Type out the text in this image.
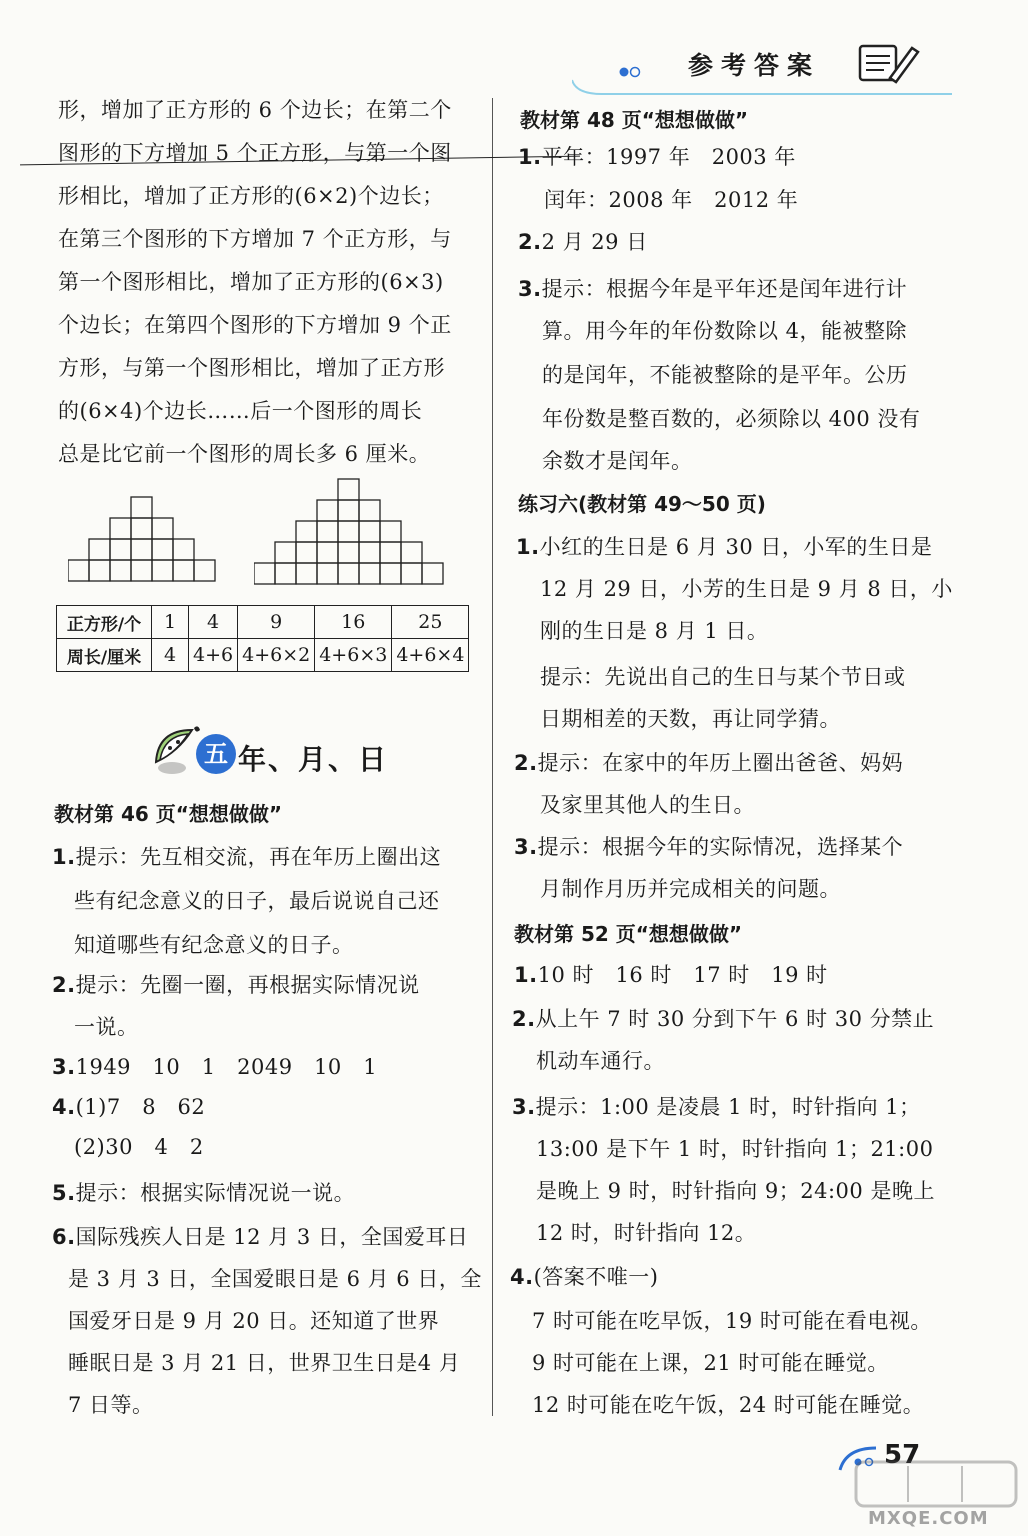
参考答案
形，增加了正方形的 6 个边长；在第二个
图形的下方增加 5 个正方形，与第一个图
形相比，增加了正方形的(6×2)个边长；
在第三个图形的下方增加 7 个正方形，与
第一个图形相比，增加了正方形的(6×3)
个边长；在第四个图形的下方增加 9 个正
方形，与第一个图形相比，增加了正方形
的(6×4)个边长……后一个图形的周长
总是比它前一个图形的周长多 6 厘米。
正方形/个	1	4	9	16	25
周长/厘米	4	4+6	4+6×2	4+6×3	4+6×4
五 年、月、日
教材第 46 页“想想做做”
1.提示：先互相交流，再在年历上圈出这
些有纪念意义的日子，最后说说自己还
知道哪些有纪念意义的日子。
2.提示：先圈一圈，再根据实际情况说
一说。
3.1949　10　1　2049　10　1
4.(1)7　8　62
(2)30　4　2
5.提示：根据实际情况说一说。
6.国际残疾人日是 12 月 3 日，全国爱耳日
是 3 月 3 日，全国爱眼日是 6 月 6 日，全
国爱牙日是 9 月 20 日。还知道了世界
睡眠日是 3 月 21 日，世界卫生日是4 月
7 日等。
教材第 48 页“想想做做”
1.平年：1997 年　2003 年
闰年：2008 年　2012 年
2.2 月 29 日
3.提示：根据今年是平年还是闰年进行计
算。用今年的年份数除以 4，能被整除
的是闰年，不能被整除的是平年。公历
年份数是整百数的，必须除以 400 没有
余数才是闰年。
练习六(教材第 49～50 页)
1.小红的生日是 6 月 30 日，小军的生日是
12 月 29 日，小芳的生日是 9 月 8 日，小
刚的生日是 8 月 1 日。
提示：先说出自己的生日与某个节日或
日期相差的天数，再让同学猜。
2.提示：在家中的年历上圈出爸爸、妈妈
及家里其他人的生日。
3.提示：根据今年的实际情况，选择某个
月制作月历并完成相关的问题。
教材第 52 页“想想做做”
1.10 时　16 时　17 时　19 时
2.从上午 7 时 30 分到下午 6 时 30 分禁止
机动车通行。
3.提示：1:00 是凌晨 1 时，时针指向 1；
13:00 是下午 1 时，时针指向 1；21:00
是晚上 9 时，时针指向 9；24:00 是晚上
12 时，时针指向 12。
4.(答案不唯一)
7 时可能在吃早饭，19 时可能在看电视。
9 时可能在上课，21 时可能在睡觉。
12 时可能在吃午饭，24 时可能在睡觉。
57
MXQE.COM
